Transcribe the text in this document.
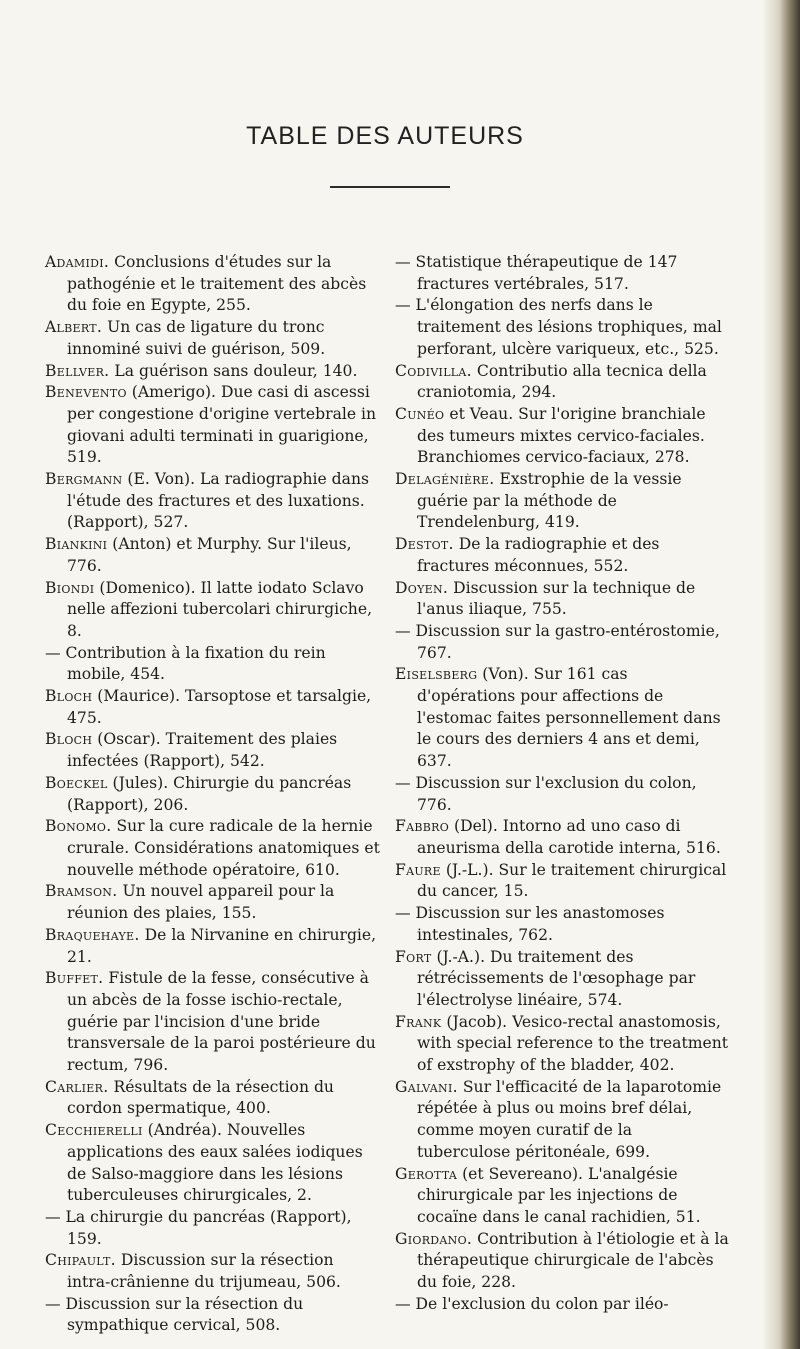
TABLE DES AUTEURS

Adamidi. Conclusions d'études sur la pathogénie et le traitement des abcès du foie en Egypte, 255.

Albert. Un cas de ligature du tronc innominé suivi de guérison, 509.

Bellver. La guérison sans douleur, 140.

Benevento (Amerigo). Due casi di ascessi per congestione d'origine vertebrale in giovani adulti terminati in guarigione, 519.

Bergmann (E. Von). La radiographie dans l'étude des fractures et des luxations. (Rapport), 527.

Biankini (Anton) et Murphy. Sur l'ileus, 776.

Biondi (Domenico). Il latte iodato Sclavo nelle affezioni tubercolari chirurgiche, 8.

— Contribution à la fixation du rein mobile, 454.

Bloch (Maurice). Tarsoptose et tarsalgie, 475.

Bloch (Oscar). Traitement des plaies infectées (Rapport), 542.

Boeckel (Jules). Chirurgie du pancréas (Rapport), 206.

Bonomo. Sur la cure radicale de la hernie crurale. Considérations anatomiques et nouvelle méthode opératoire, 610.

Bramson. Un nouvel appareil pour la réunion des plaies, 155.

Braquehaye. De la Nirvanine en chirurgie, 21.

Buffet. Fistule de la fesse, consécutive à un abcès de la fosse ischio-rectale, guérie par l'incision d'une bride transversale de la paroi postérieure du rectum, 796.

Carlier. Résultats de la résection du cordon spermatique, 400.

Cecchierelli (Andréa). Nouvelles applications des eaux salées iodiques de Salso-maggiore dans les lésions tuberculeuses chirurgicales, 2.

— La chirurgie du pancréas (Rapport), 159.

Chipault. Discussion sur la résection intra-crânienne du trijumeau, 506.

— Discussion sur la résection du sympathique cervical, 508.

— Statistique thérapeutique de 147 fractures vertébrales, 517.

— L'élongation des nerfs dans le traitement des lésions trophiques, mal perforant, ulcère variqueux, etc., 525.

Codivilla. Contributio alla tecnica della craniotomia, 294.

Cunéo et Veau. Sur l'origine branchiale des tumeurs mixtes cervico-faciales. Branchiomes cervico-faciaux, 278.

Delagénière. Exstrophie de la vessie guérie par la méthode de Trendelenburg, 419.

Destot. De la radiographie et des fractures méconnues, 552.

Doyen. Discussion sur la technique de l'anus iliaque, 755.

— Discussion sur la gastro-entérostomie, 767.

Eiselsberg (Von). Sur 161 cas d'opérations pour affections de l'estomac faites personnellement dans le cours des derniers 4 ans et demi, 637.

— Discussion sur l'exclusion du colon, 776.

Fabbro (Del). Intorno ad uno caso di aneurisma della carotide interna, 516.

Faure (J.-L.). Sur le traitement chirurgical du cancer, 15.

— Discussion sur les anastomoses intestinales, 762.

Fort (J.-A.). Du traitement des rétrécissements de l'œsophage par l'électrolyse linéaire, 574.

Frank (Jacob). Vesico-rectal anastomosis, with special reference to the treatment of exstrophy of the bladder, 402.

Galvani. Sur l'efficacité de la laparotomie répétée à plus ou moins bref délai, comme moyen curatif de la tuberculose péritonéale, 699.

Gerotta (et Severeano). L'analgésie chirurgicale par les injections de cocaïne dans le canal rachidien, 51.

Giordano. Contribution à l'étiologie et à la thérapeutique chirurgicale de l'abcès du foie, 228.

— De l'exclusion du colon par iléo-
